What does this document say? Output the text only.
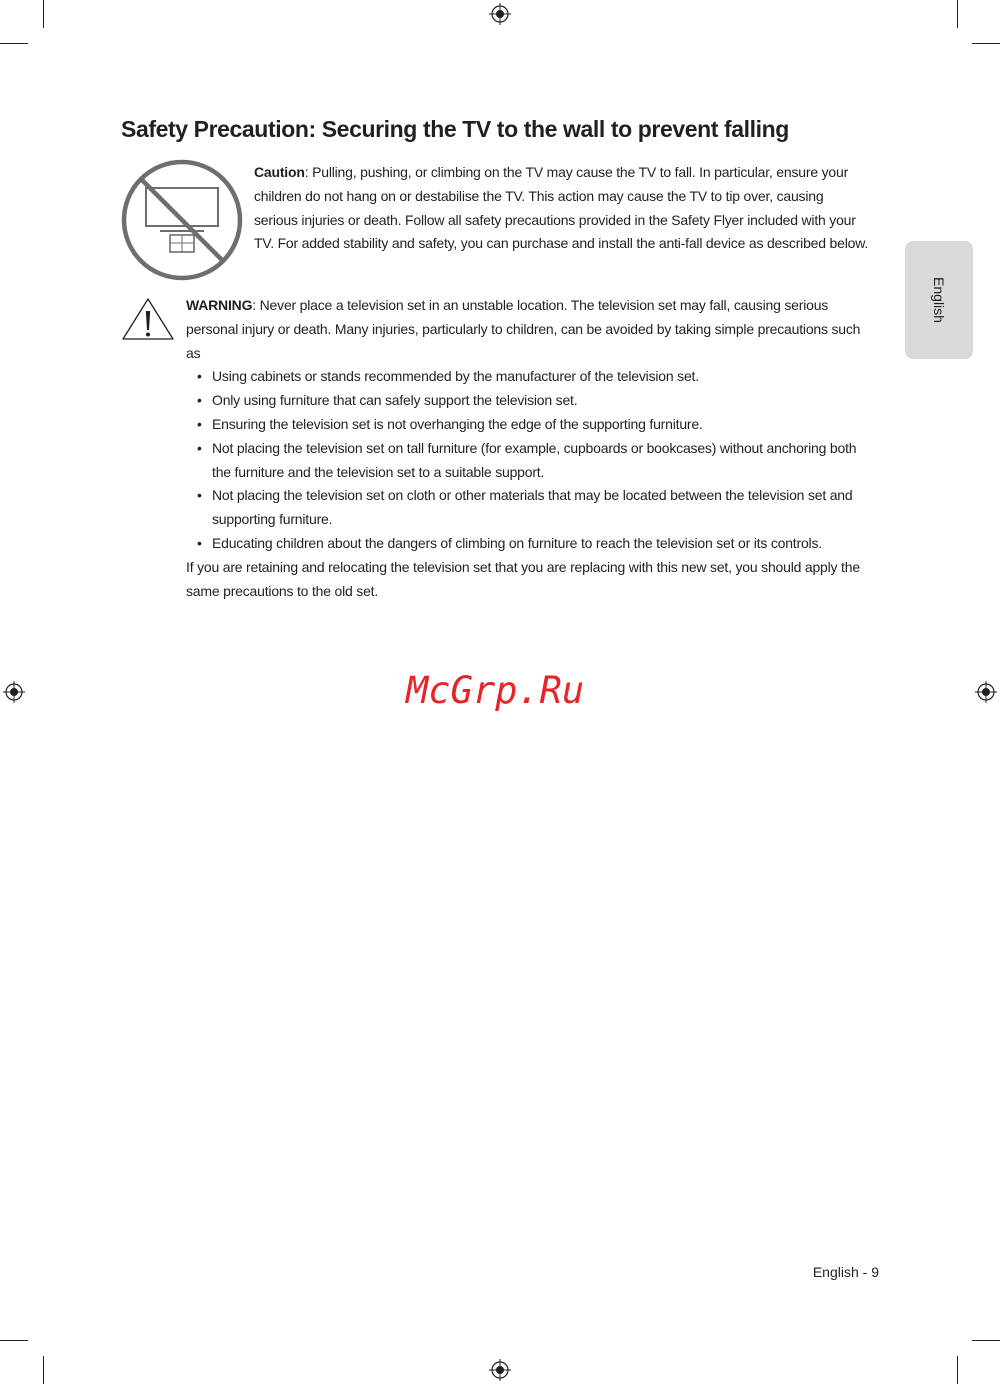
Safety Precaution: Securing the TV to the wall to prevent falling

Caution: Pulling, pushing, or climbing on the TV may cause the TV to fall. In particular, ensure your children do not hang on or destabilise the TV. This action may cause the TV to tip over, causing serious injuries or death. Follow all safety precautions provided in the Safety Flyer included with your TV. For added stability and safety, you can purchase and install the anti-fall device as described below.

WARNING: Never place a television set in an unstable location. The television set may fall, causing serious personal injury or death. Many injuries, particularly to children, can be avoided by taking simple precautions such as

• Using cabinets or stands recommended by the manufacturer of the television set.
• Only using furniture that can safely support the television set.
• Ensuring the television set is not overhanging the edge of the supporting furniture.
• Not placing the television set on tall furniture (for example, cupboards or bookcases) without anchoring both the furniture and the television set to a suitable support.
• Not placing the television set on cloth or other materials that may be located between the television set and supporting furniture.
• Educating children about the dangers of climbing on furniture to reach the television set or its controls.

If you are retaining and relocating the television set that you are replacing with this new set, you should apply the same precautions to the old set.

English
McGrp.Ru
English - 9
